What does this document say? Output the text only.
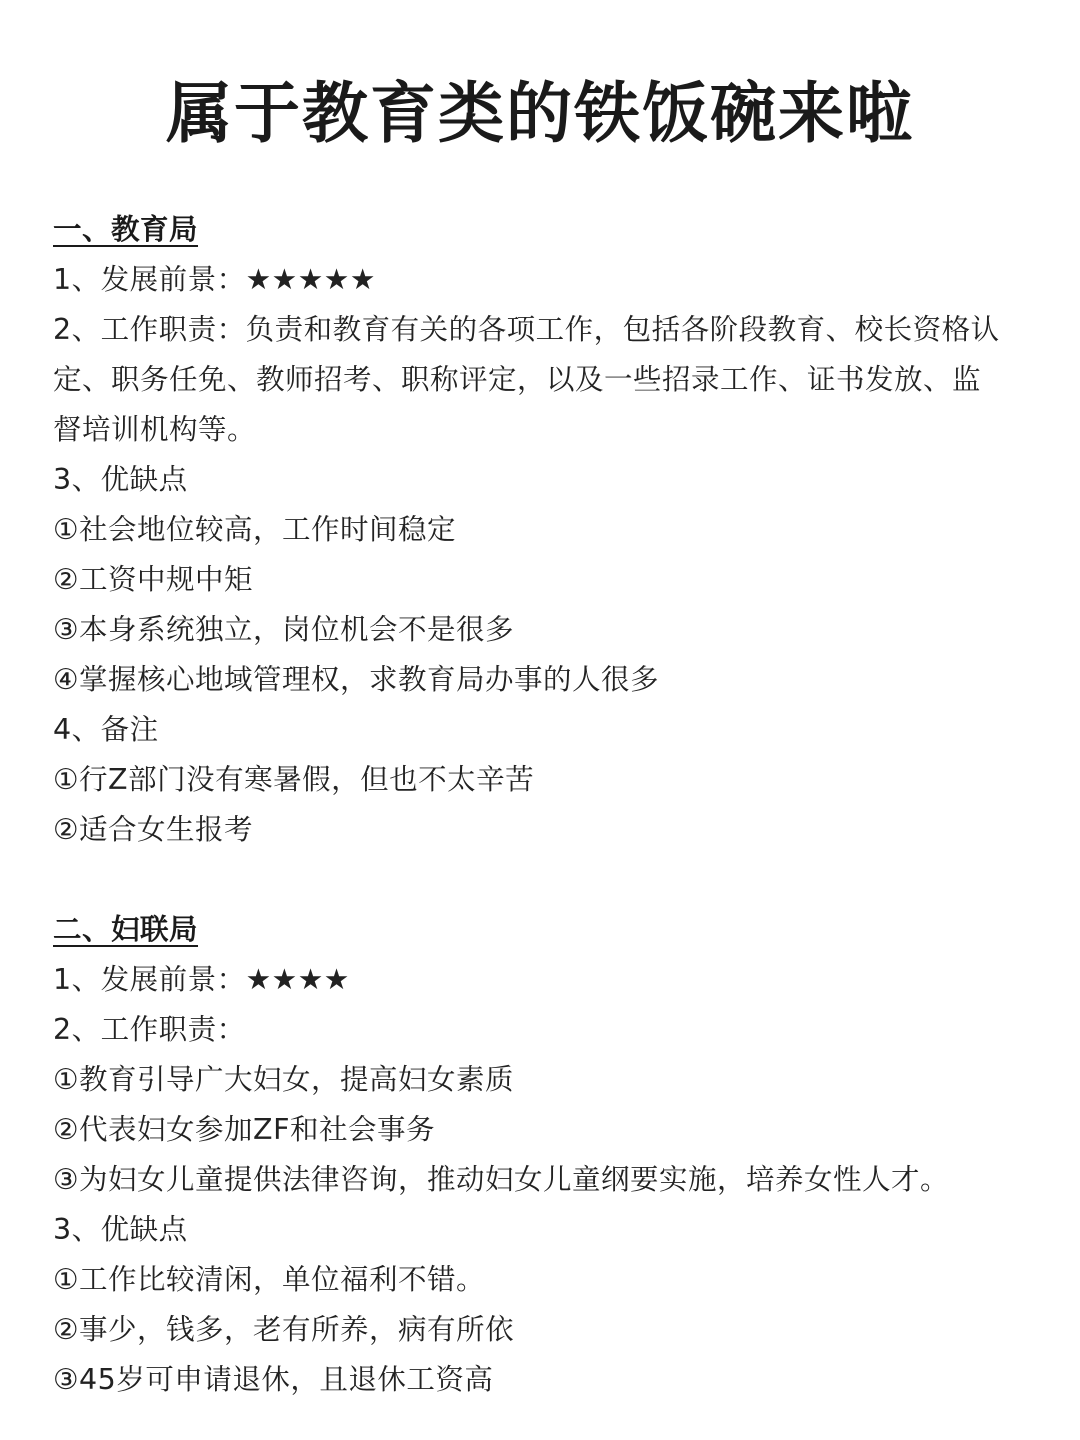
属于教育类的铁饭碗来啦
一、教育局
1、发展前景：★★★★★
2、工作职责：负责和教育有关的各项工作，包括各阶段教育、校长资格认
定、职务任免、教师招考、职称评定，以及一些招录工作、证书发放、监
督培训机构等。
3、优缺点
①社会地位较高，工作时间稳定
②工资中规中矩
③本身系统独立，岗位机会不是很多
④掌握核心地域管理权，求教育局办事的人很多
4、备注
①行Z部门没有寒暑假，但也不太辛苦
②适合女生报考
二、妇联局
1、发展前景：★★★★
2、工作职责：
①教育引导广大妇女，提高妇女素质
②代表妇女参加ZF和社会事务
③为妇女儿童提供法律咨询，推动妇女儿童纲要实施，培养女性人才。
3、优缺点
①工作比较清闲，单位福利不错。
②事少，钱多，老有所养，病有所依
③45岁可申请退休，且退休工资高
